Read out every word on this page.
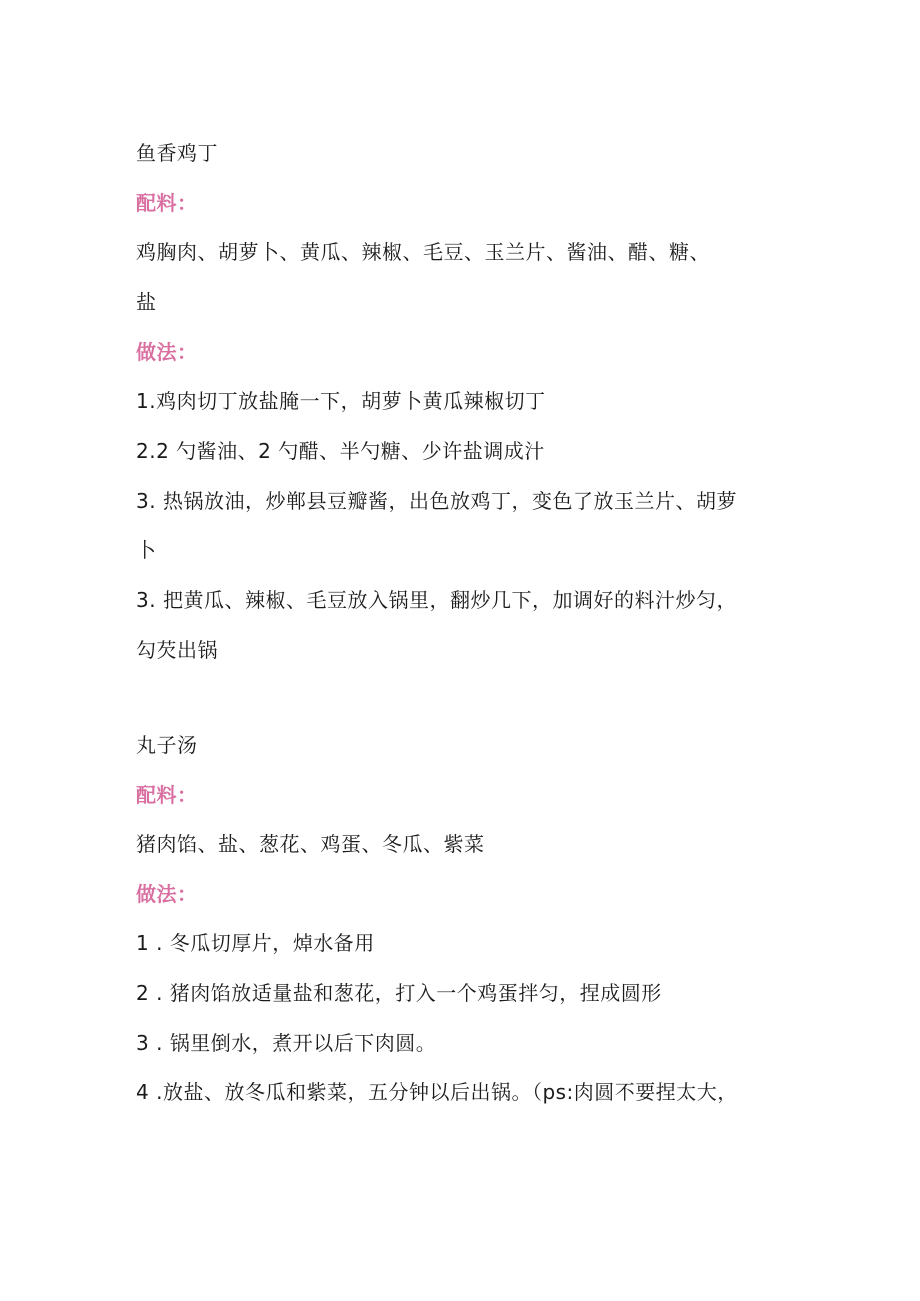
鱼香鸡丁
配料：
鸡胸肉、胡萝卜、黄瓜、辣椒、毛豆、玉兰片、酱油、醋、糖、
盐
做法：
1.鸡肉切丁放盐腌一下，胡萝卜黄瓜辣椒切丁
2.2 勺酱油、2 勺醋、半勺糖、少许盐调成汁
3. 热锅放油，炒郸县豆瓣酱，出色放鸡丁，变色了放玉兰片、胡萝
卜
3. 把黄瓜、辣椒、毛豆放入锅里，翻炒几下，加调好的料汁炒匀，
勾芡出锅
丸子汤
配料：
猪肉馅、盐、葱花、鸡蛋、冬瓜、紫菜
做法：
1 . 冬瓜切厚片，焯水备用
2 . 猪肉馅放适量盐和葱花，打入一个鸡蛋拌匀，捏成圆形
3 . 锅里倒水，煮开以后下肉圆。
4 .放盐、放冬瓜和紫菜，五分钟以后出锅。（ps:肉圆不要捏太大，
